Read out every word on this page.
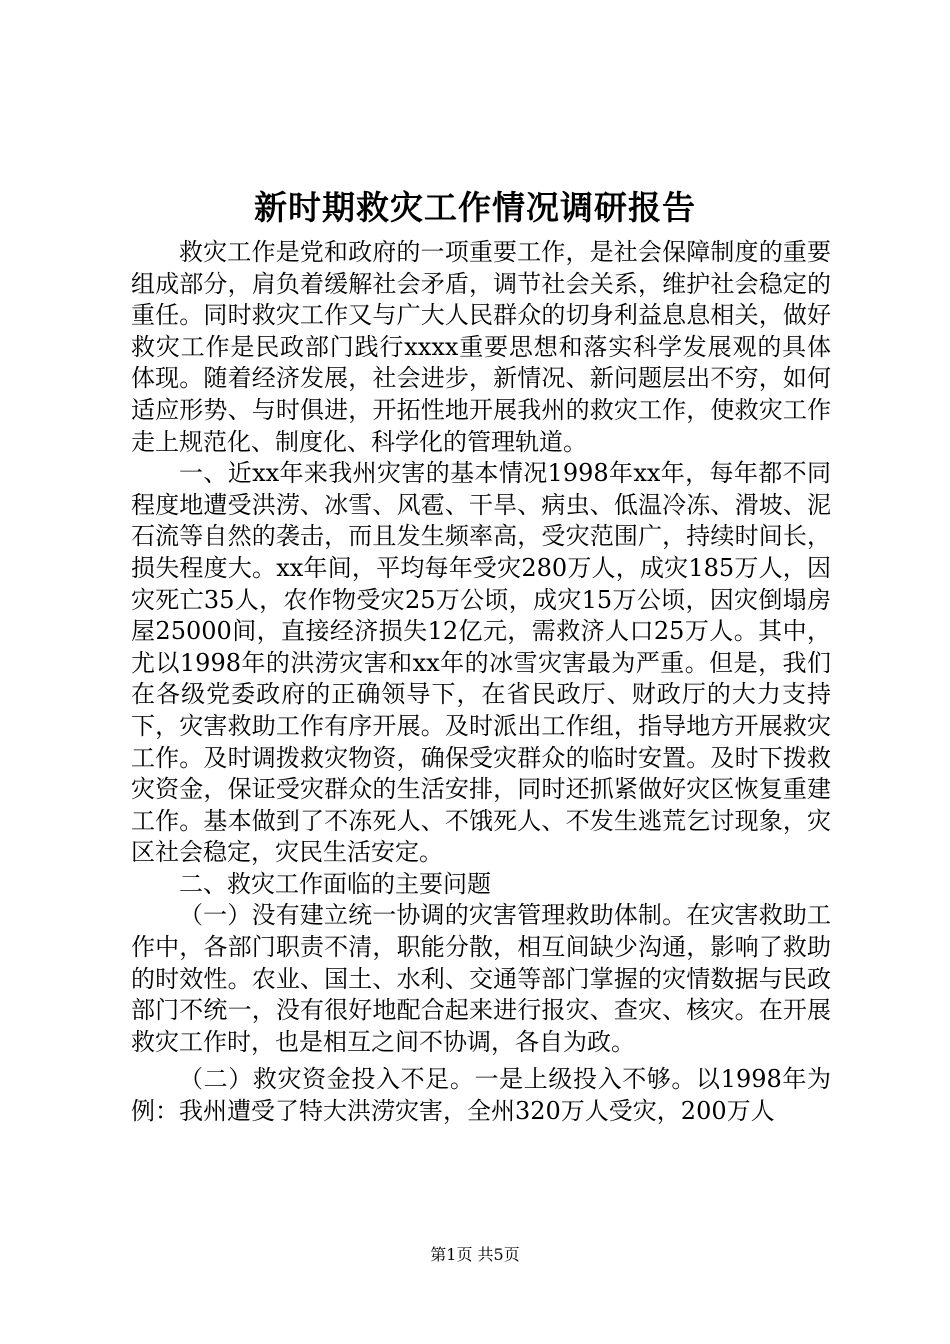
新时期救灾工作情况调研报告

救灾工作是党和政府的一项重要工作，是社会保障制度的重要组成部分，肩负着缓解社会矛盾，调节社会关系，维护社会稳定的重任。同时救灾工作又与广大人民群众的切身利益息息相关，做好救灾工作是民政部门践行xxxx重要思想和落实科学发展观的具体体现。随着经济发展，社会进步，新情况、新问题层出不穷，如何适应形势、与时俱进，开拓性地开展我州的救灾工作，使救灾工作走上规范化、制度化、科学化的管理轨道。

一、近xx年来我州灾害的基本情况1998年xx年，每年都不同程度地遭受洪涝、冰雪、风雹、干旱、病虫、低温冷冻、滑坡、泥石流等自然的袭击，而且发生频率高，受灾范围广，持续时间长，损失程度大。xx年间，平均每年受灾280万人，成灾185万人，因灾死亡35人，农作物受灾25万公顷，成灾15万公顷，因灾倒塌房屋25000间，直接经济损失12亿元，需救济人口25万人。其中，尤以1998年的洪涝灾害和xx年的冰雪灾害最为严重。但是，我们在各级党委政府的正确领导下，在省民政厅、财政厅的大力支持下，灾害救助工作有序开展。及时派出工作组，指导地方开展救灾工作。及时调拨救灾物资，确保受灾群众的临时安置。及时下拨救灾资金，保证受灾群众的生活安排，同时还抓紧做好灾区恢复重建工作。基本做到了不冻死人、不饿死人、不发生逃荒乞讨现象，灾区社会稳定，灾民生活安定。

二、救灾工作面临的主要问题

（一）没有建立统一协调的灾害管理救助体制。在灾害救助工作中，各部门职责不清，职能分散，相互间缺少沟通，影响了救助的时效性。农业、国土、水利、交通等部门掌握的灾情数据与民政部门不统一，没有很好地配合起来进行报灾、查灾、核灾。在开展救灾工作时，也是相互之间不协调，各自为政。

（二）救灾资金投入不足。一是上级投入不够。以1998年为例：我州遭受了特大洪涝灾害，全州320万人受灾，200万人

第1页 共5页
